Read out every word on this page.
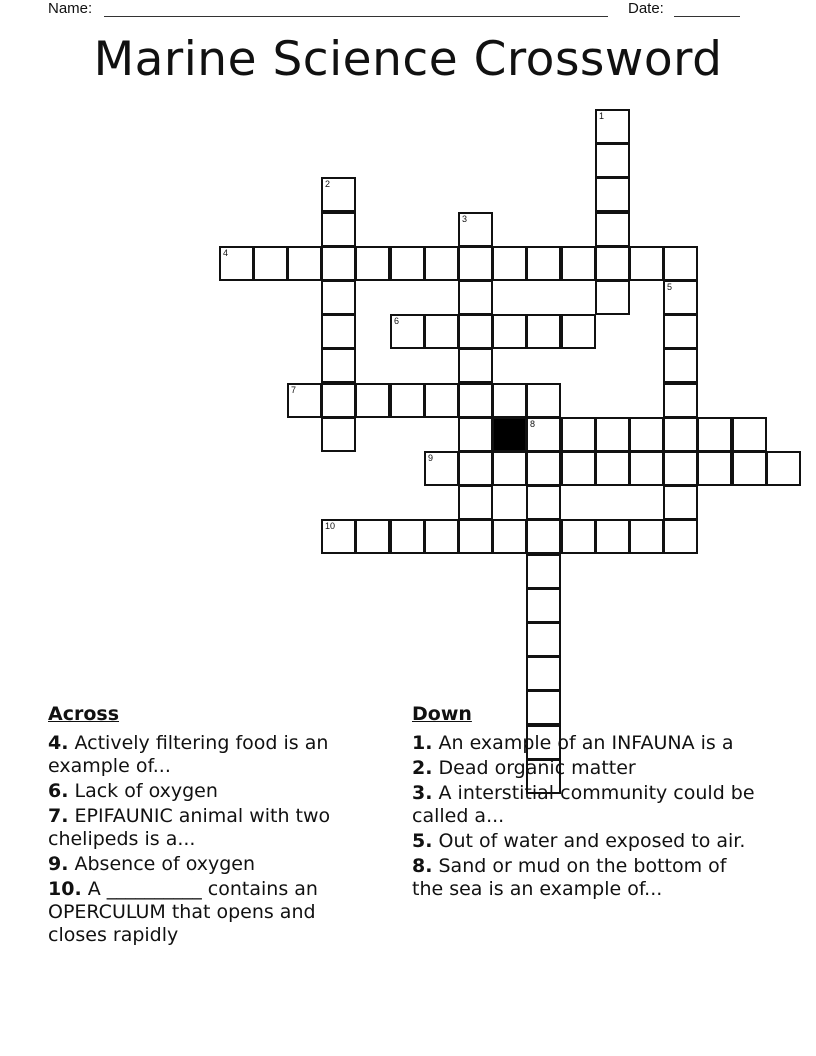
Name:	Date:
Marine Science Crossword
1
2
3
4
5
6
7
8
9
10
Across
4. Actively filtering food is an example of...
6. Lack of oxygen
7. EPIFAUNIC animal with two chelipeds is a...
9. Absence of oxygen
10. A __________ contains an OPERCULUM that opens and closes rapidly
Down
1. An example of an INFAUNA is a
2. Dead organic matter
3. A interstitial community could be called a...
5. Out of water and exposed to air.
8. Sand or mud on the bottom of the sea is an example of...
